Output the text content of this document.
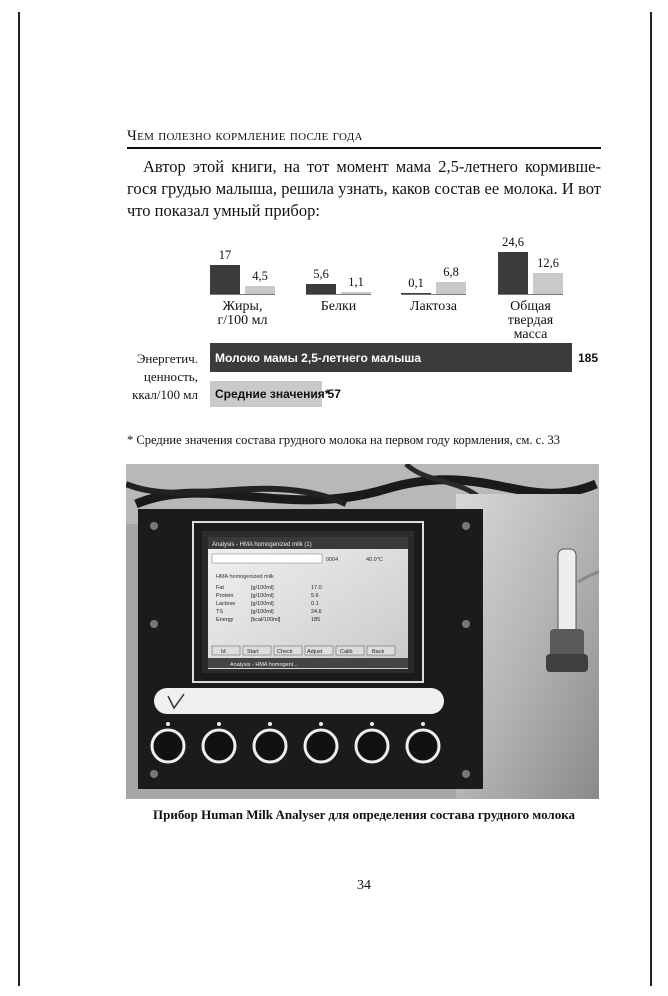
Чем полезно кормление после года

Автор этой книги, на тот момент мама 2,5-летнего кормивше-гося грудью малыша, решила узнать, каков состав ее молока. И вот что показал умный прибор:

17
4,5
Жиры,
г/100 мл
5,6
1,1
Белки
0,1
6,8
Лактоза
24,6
12,6
Общая
твердая
масса
Энергетич.
ценность,
ккал/100 мл
Молоко мамы 2,5-летнего малыша	185
Средние значения*
57
* Средние значения состава грудного молока на первом году кормления, см. с. 33
Analysis - HMA homogenized milk (1)
0004	40.0°C
HMA homogenized milk
Fat	[g/100ml]	17.0
Protein	[g/100ml]	5.6
Lactose	[g/100ml]	0.1
TS	[g/100ml]	24.6
Energy	[kcal/100ml]	185
Id	Start	Check	Adjust	Calib	Back
Analysis - HMA homogeni...
Прибор Human Milk Analyser для определения состава грудного молока
34
